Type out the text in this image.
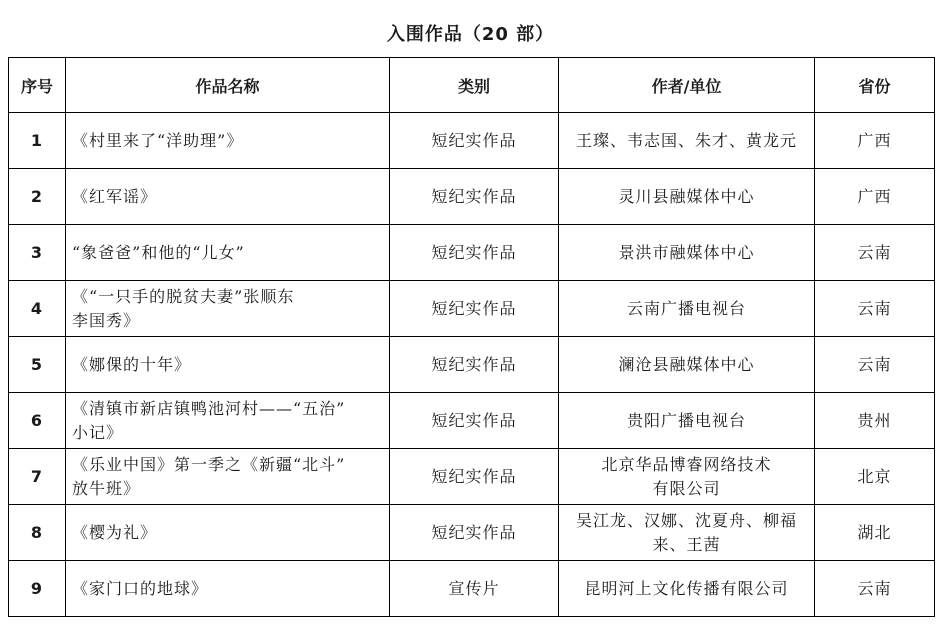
入围作品（20 部）
序号	作品名称	类别	作者/单位	省份
1	《村里来了“洋助理”》	短纪实作品	王璨、韦志国、朱才、黄龙元	广西
2	《红军谣》	短纪实作品	灵川县融媒体中心	广西
3	“象爸爸”和他的“儿女”	短纪实作品	景洪市融媒体中心	云南
4	《“一只手的脱贫夫妻”张顺东
李国秀》	短纪实作品	云南广播电视台	云南
5	《娜倮的十年》	短纪实作品	澜沧县融媒体中心	云南
6	《清镇市新店镇鸭池河村——“五治”
小记》	短纪实作品	贵阳广播电视台	贵州
7	《乐业中国》第一季之《新疆“北斗”
放牛班》	短纪实作品	北京华品博睿网络技术
有限公司	北京
8	《樱为礼》	短纪实作品	吴江龙、汉娜、沈夏舟、柳福
来、王茜	湖北
9	《家门口的地球》	宣传片	昆明河上文化传播有限公司	云南
